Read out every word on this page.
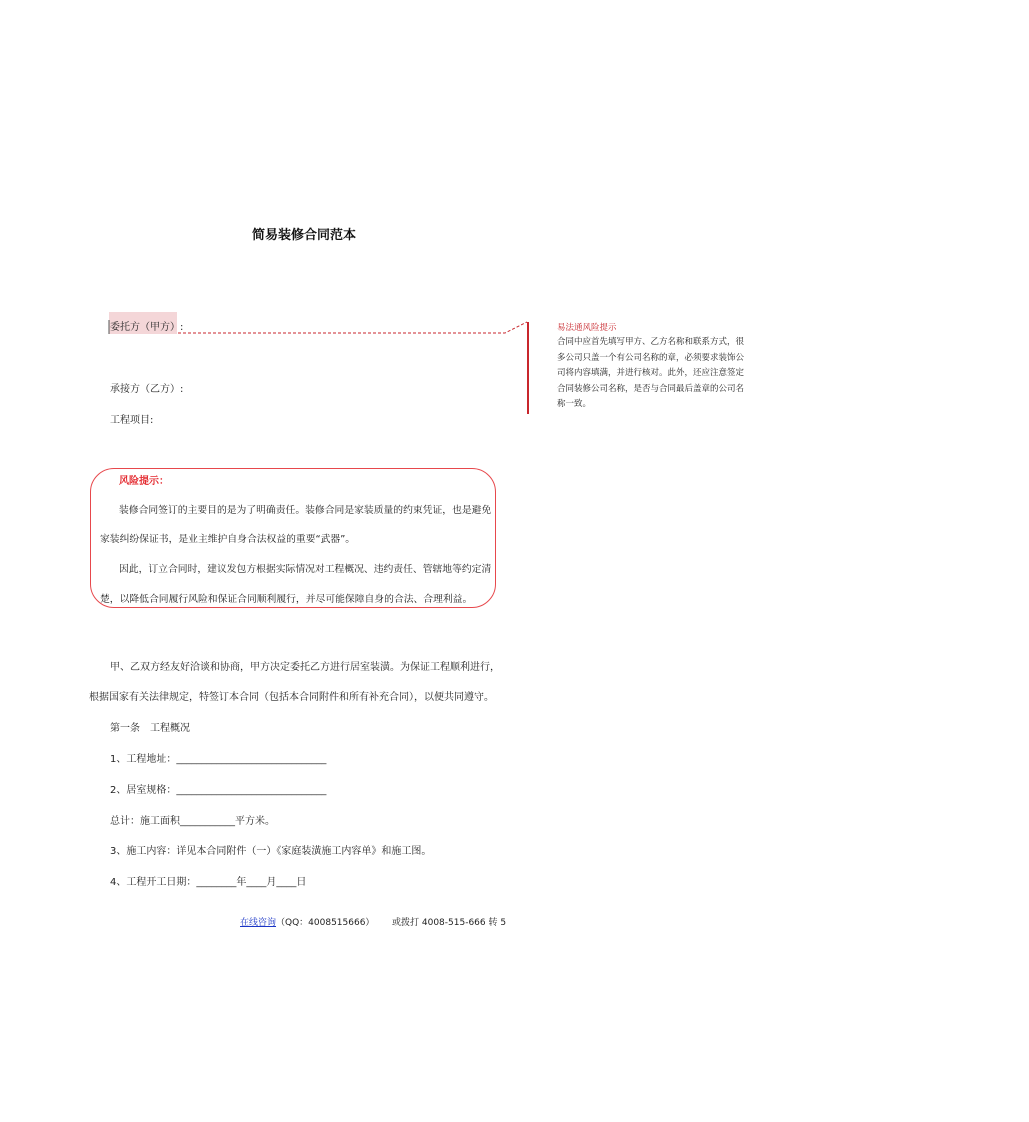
简易装修合同范本
委托方（甲方）:
承接方（乙方）:
工程项目:
易法通风险提示
合同中应首先填写甲方、乙方名称和联系方式，很多公司只盖一个有公司名称的章，必须要求装饰公司将内容填满，并进行核对。此外，还应注意签定合同装修公司名称，是否与合同最后盖章的公司名称一致。
风险提示：
装修合同签订的主要目的是为了明确责任。装修合同是家装质量的约束凭证，也是避免
家装纠纷保证书，是业主维护自身合法权益的重要“武器”。
因此，订立合同时，建议发包方根据实际情况对工程概况、违约责任、管辖地等约定清
楚，以降低合同履行风险和保证合同顺利履行，并尽可能保障自身的合法、合理利益。
甲、乙双方经友好洽谈和协商，甲方决定委托乙方进行居室装潢。为保证工程顺利进行，
根据国家有关法律规定，特签订本合同（包括本合同附件和所有补充合同），以便共同遵守。
第一条　工程概况
1、工程地址：______________________________
2、居室规格：______________________________
总计：施工面积___________平方米。
3、施工内容：详见本合同附件（一）《家庭装潢施工内容单》和施工图。
4、工程开工日期：________年____月____日
在线咨询 （QQ：4008515666） 或拨打 4008-515-666 转 5
